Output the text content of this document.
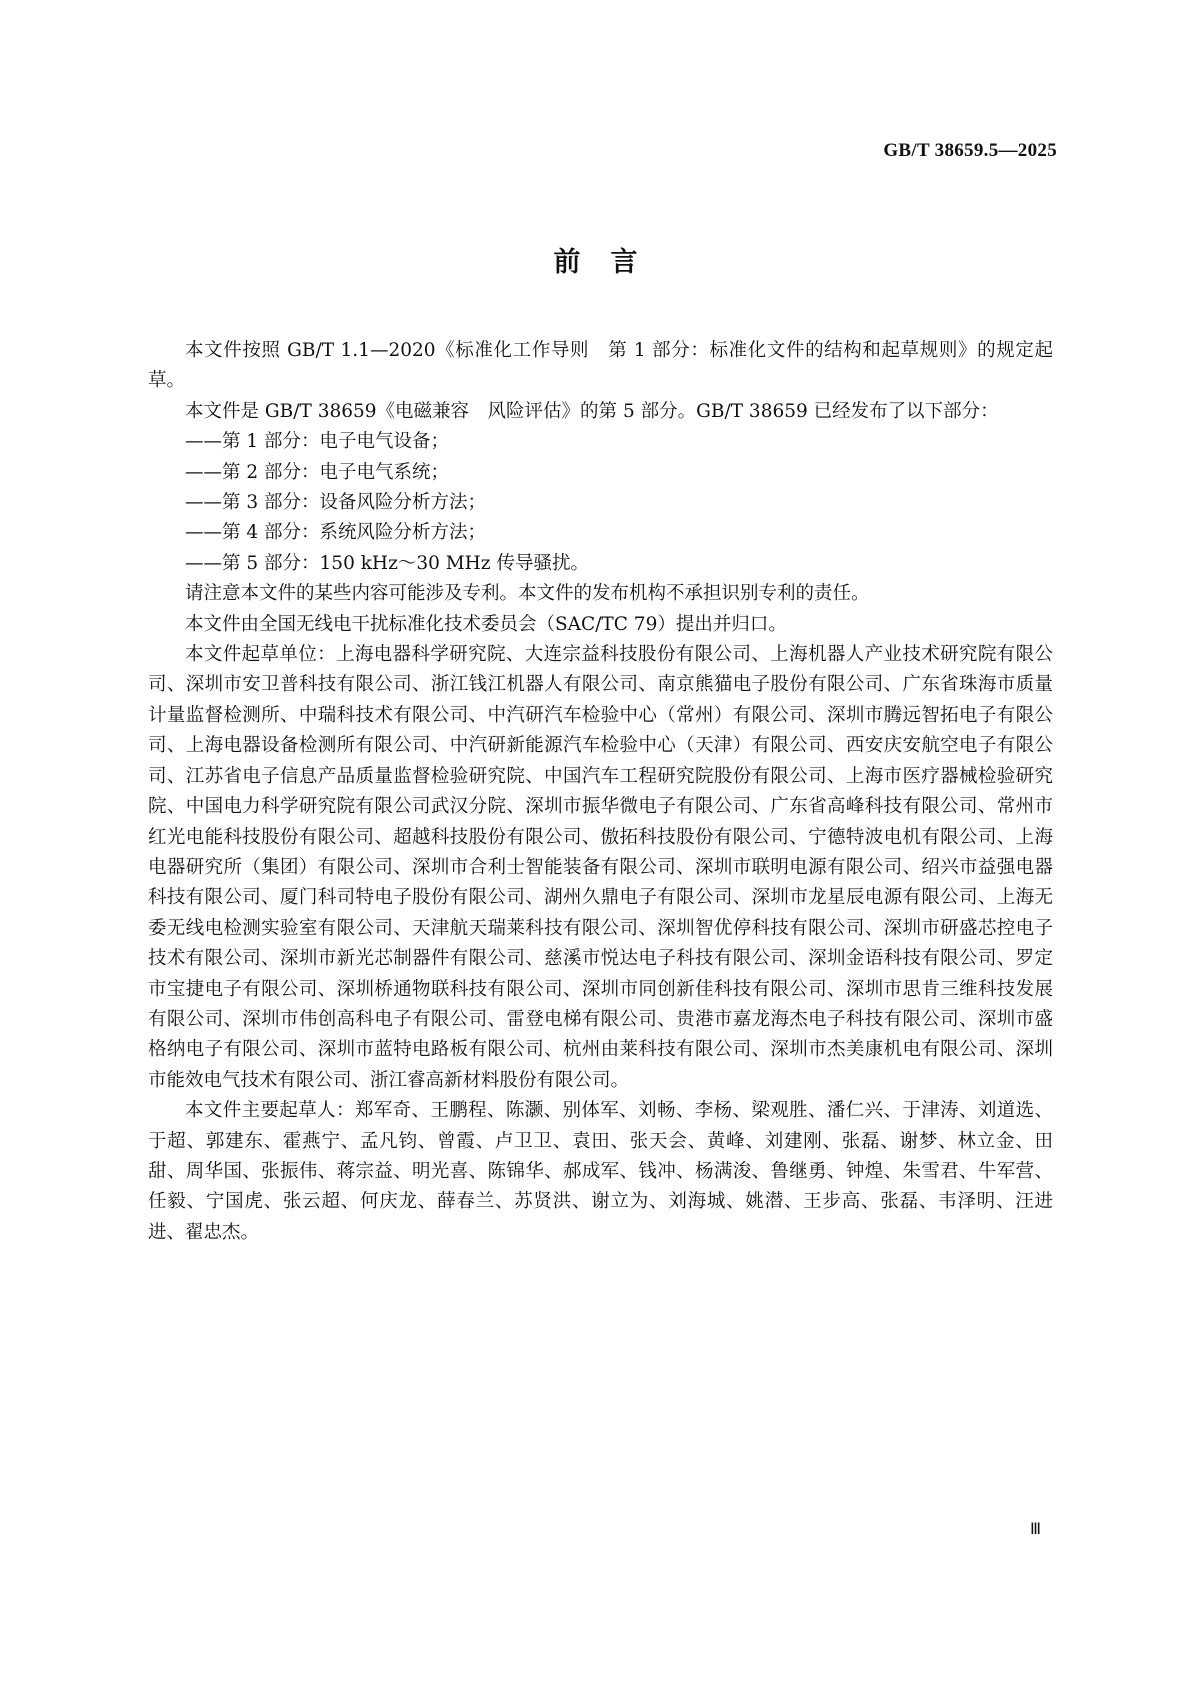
GB/T 38659.5—2025
前言

本文件按照 GB/T 1.1—2020《标准化工作导则　第 1 部分：标准化文件的结构和起草规则》的规定起草。

本文件是 GB/T 38659《电磁兼容　风险评估》的第 5 部分。GB/T 38659 已经发布了以下部分：

——第 1 部分：电子电气设备；

——第 2 部分：电子电气系统；

——第 3 部分：设备风险分析方法；

——第 4 部分：系统风险分析方法；

——第 5 部分：150 kHz～30 MHz 传导骚扰。

请注意本文件的某些内容可能涉及专利。本文件的发布机构不承担识别专利的责任。

本文件由全国无线电干扰标准化技术委员会（SAC/TC 79）提出并归口。

本文件起草单位：上海电器科学研究院、大连宗益科技股份有限公司、上海机器人产业技术研究院有限公司、深圳市安卫普科技有限公司、浙江钱江机器人有限公司、南京熊猫电子股份有限公司、广东省珠海市质量计量监督检测所、中瑞科技术有限公司、中汽研汽车检验中心（常州）有限公司、深圳市腾远智拓电子有限公司、上海电器设备检测所有限公司、中汽研新能源汽车检验中心（天津）有限公司、西安庆安航空电子有限公司、江苏省电子信息产品质量监督检验研究院、中国汽车工程研究院股份有限公司、上海市医疗器械检验研究院、中国电力科学研究院有限公司武汉分院、深圳市振华微电子有限公司、广东省高峰科技有限公司、常州市红光电能科技股份有限公司、超越科技股份有限公司、傲拓科技股份有限公司、宁德特波电机有限公司、上海电器研究所（集团）有限公司、深圳市合利士智能装备有限公司、深圳市联明电源有限公司、绍兴市益强电器科技有限公司、厦门科司特电子股份有限公司、湖州久鼎电子有限公司、深圳市龙星辰电源有限公司、上海无委无线电检测实验室有限公司、天津航天瑞莱科技有限公司、深圳智优停科技有限公司、深圳市研盛芯控电子技术有限公司、深圳市新光芯制器件有限公司、慈溪市悦达电子科技有限公司、深圳金语科技有限公司、罗定市宝捷电子有限公司、深圳桥通物联科技有限公司、深圳市同创新佳科技有限公司、深圳市思肯三维科技发展有限公司、深圳市伟创高科电子有限公司、雷登电梯有限公司、贵港市嘉龙海杰电子科技有限公司、深圳市盛格纳电子有限公司、深圳市蓝特电路板有限公司、杭州由莱科技有限公司、深圳市杰美康机电有限公司、深圳市能效电气技术有限公司、浙江睿高新材料股份有限公司。

本文件主要起草人：郑军奇、王鹏程、陈灏、别体军、刘畅、李杨、梁观胜、潘仁兴、于津涛、刘道选、于超、郭建东、霍燕宁、孟凡钧、曾霞、卢卫卫、袁田、张天会、黄峰、刘建刚、张磊、谢梦、林立金、田甜、周华国、张振伟、蒋宗益、明光喜、陈锦华、郝成军、钱冲、杨满浚、鲁继勇、钟煌、朱雪君、牛军营、任毅、宁国虎、张云超、何庆龙、薛春兰、苏贤洪、谢立为、刘海城、姚潜、王步高、张磊、韦泽明、汪进进、翟忠杰。

Ⅲ
